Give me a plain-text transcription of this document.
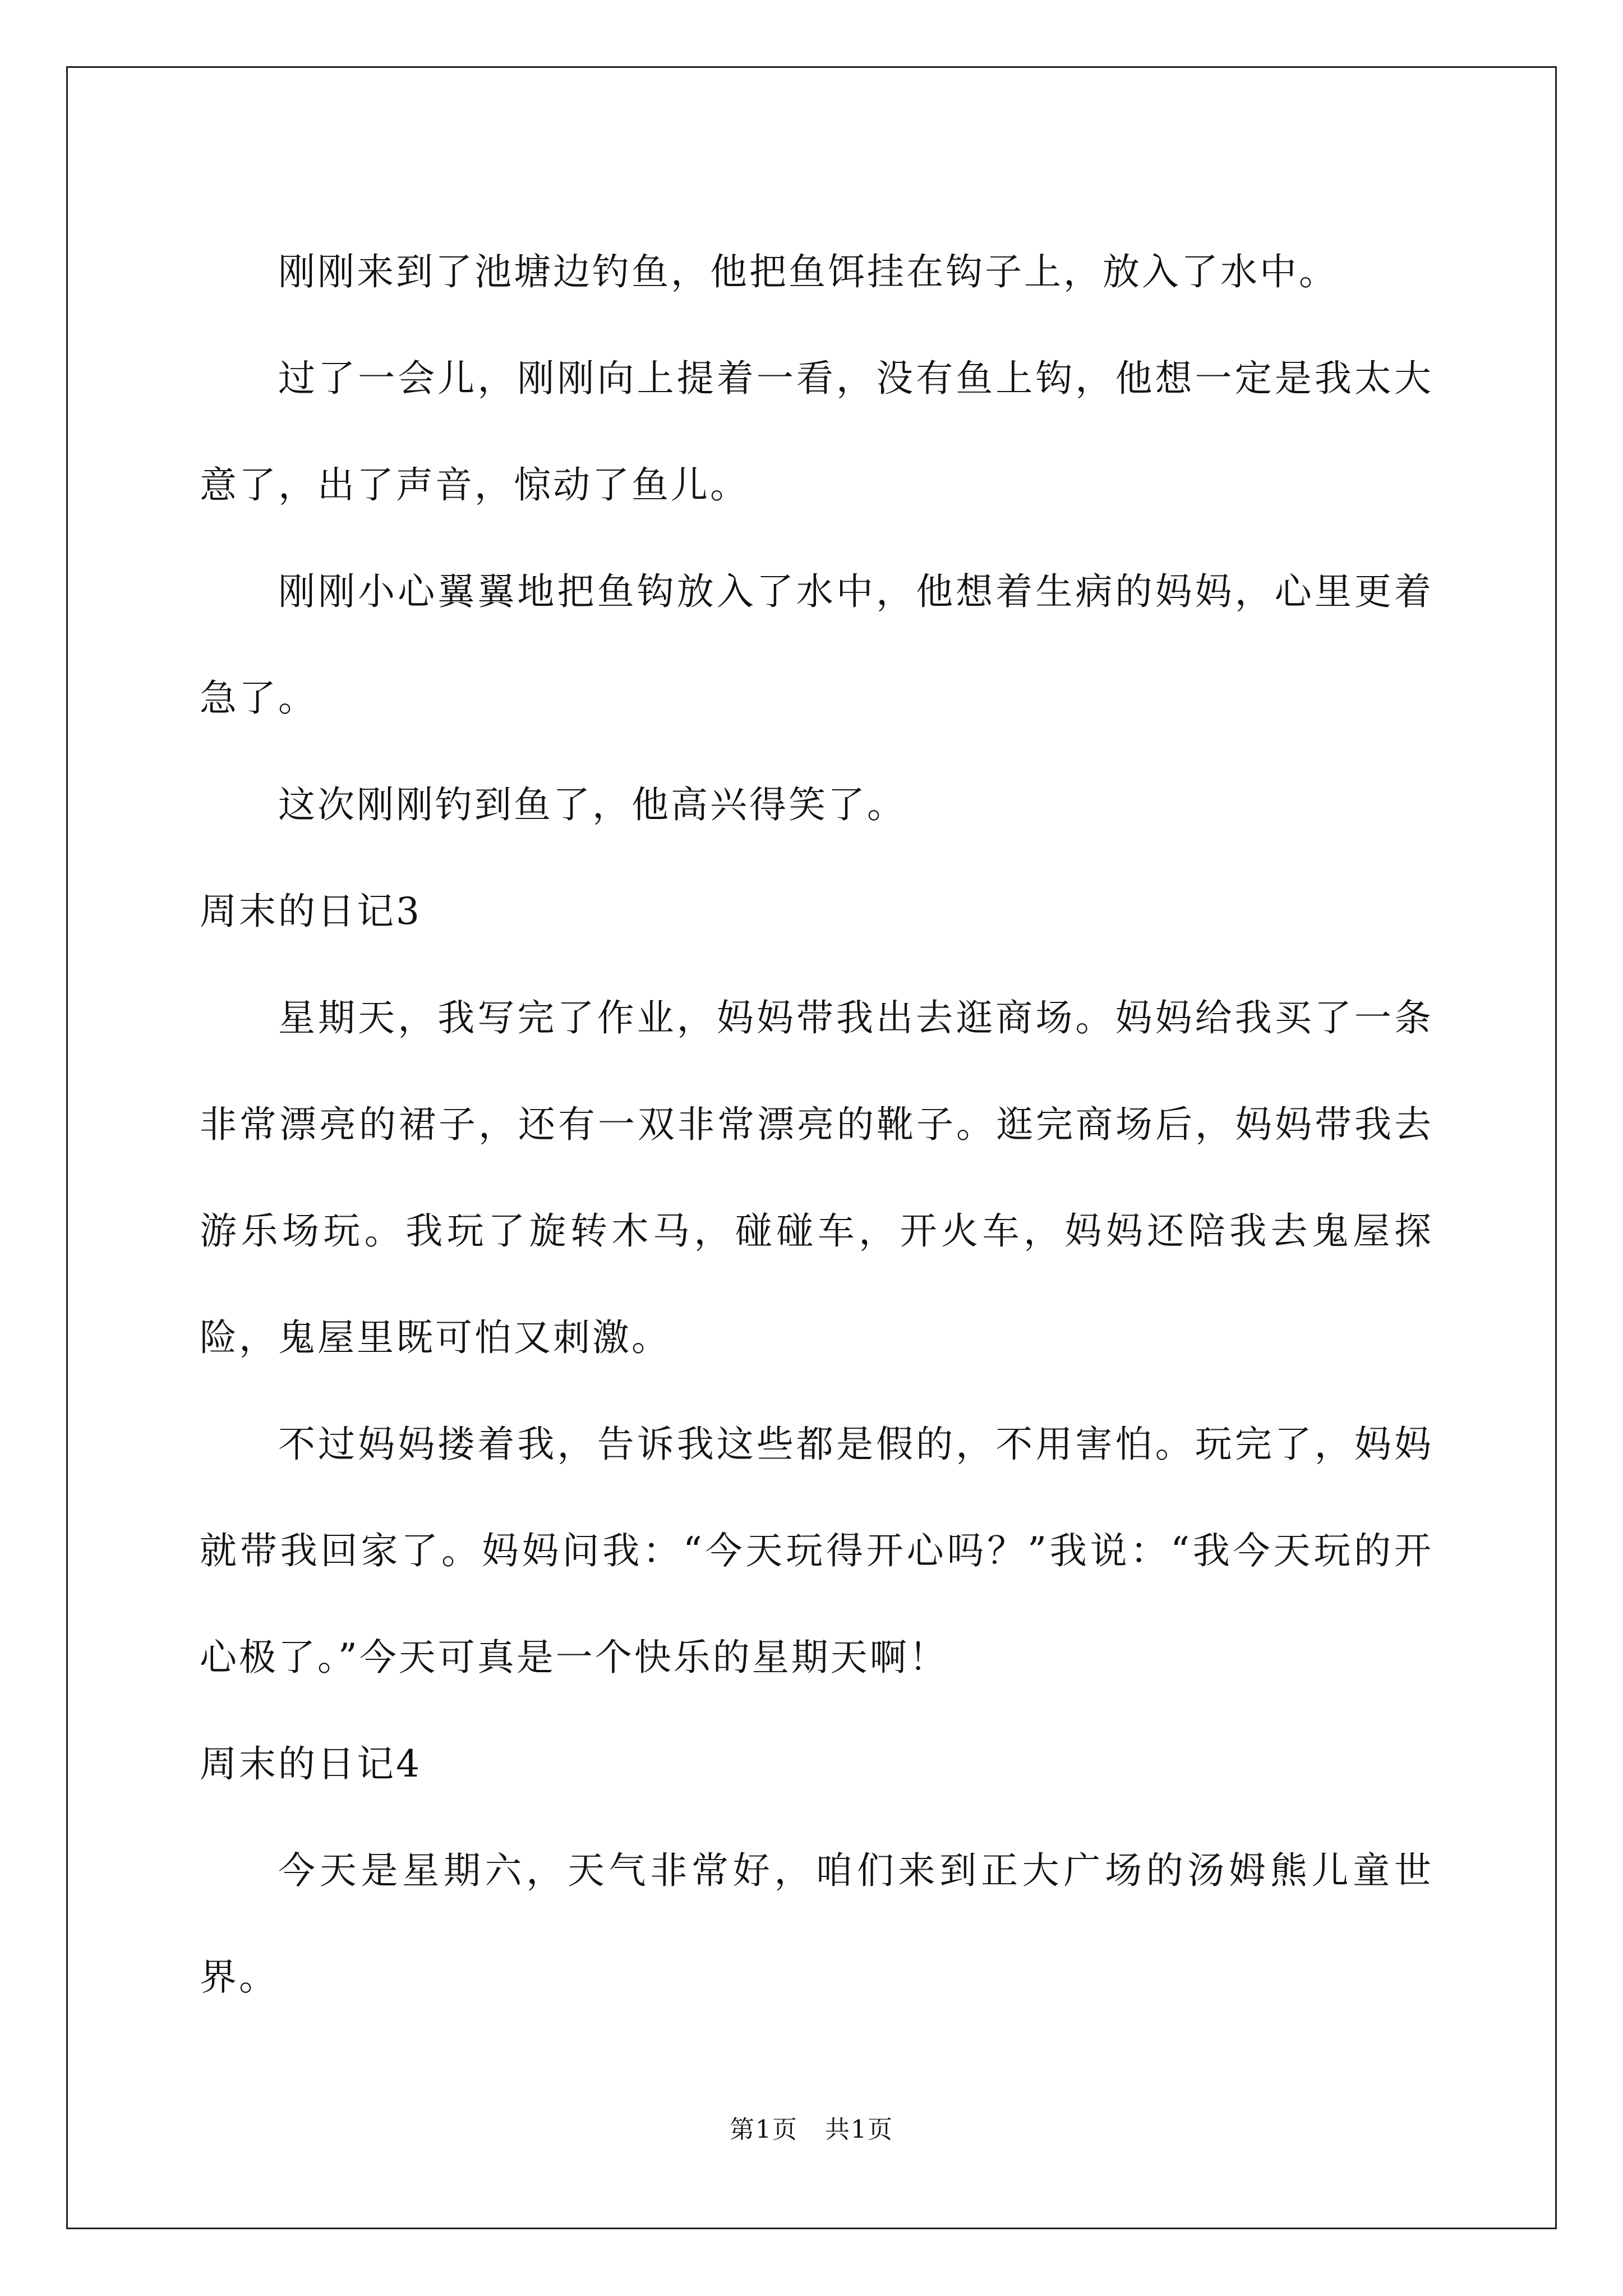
刚刚来到了池塘边钓鱼，他把鱼饵挂在钩子上，放入了水中。

过了一会儿，刚刚向上提着一看，没有鱼上钩，他想一定是我太大意了，出了声音，惊动了鱼儿。

刚刚小心翼翼地把鱼钩放入了水中，他想着生病的妈妈，心里更着急了。

这次刚刚钓到鱼了，他高兴得笑了。

周末的日记3

星期天，我写完了作业，妈妈带我出去逛商场。妈妈给我买了一条非常漂亮的裙子，还有一双非常漂亮的靴子。逛完商场后，妈妈带我去游乐场玩。我玩了旋转木马，碰碰车，开火车，妈妈还陪我去鬼屋探险，鬼屋里既可怕又刺激。

不过妈妈搂着我，告诉我这些都是假的，不用害怕。玩完了，妈妈就带我回家了。妈妈问我：“今天玩得开心吗？”我说：“我今天玩的开心极了。”今天可真是一个快乐的星期天啊！

周末的日记4

今天是星期六，天气非常好，咱们来到正大广场的汤姆熊儿童世界。

第1页 共1页
